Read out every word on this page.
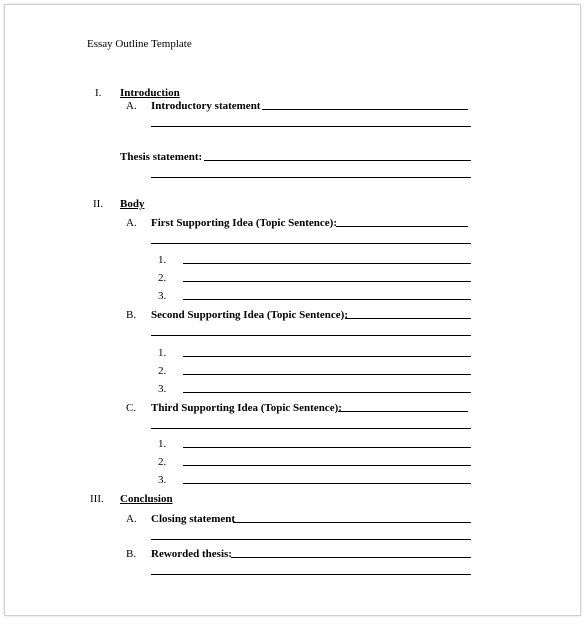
Essay Outline Template
I. Introduction
A. Introductory statement
Thesis statement:
II. Body
A. First Supporting Idea (Topic Sentence):
1.
2.
3.
B. Second Supporting Idea (Topic Sentence):
1.
2.
3.
C. Third Supporting Idea (Topic Sentence):
1.
2.
3.
III. Conclusion
A. Closing statement
B. Reworded thesis:
